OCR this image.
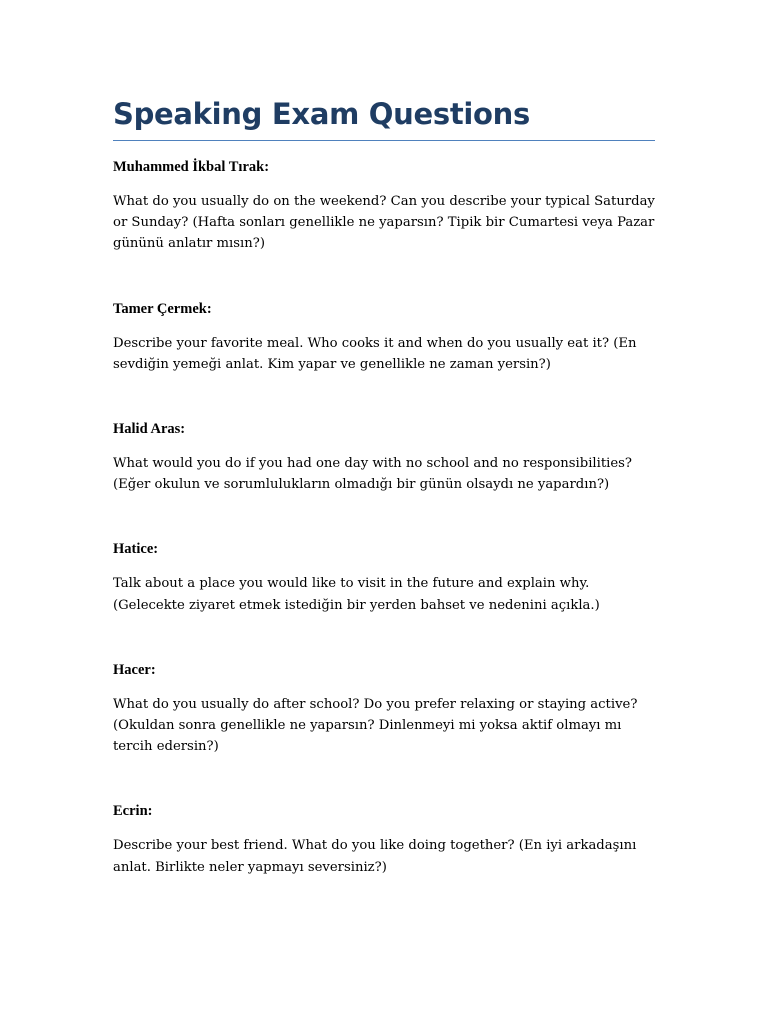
Speaking Exam Questions

Muhammed İkbal Tırak:

What do you usually do on the weekend? Can you describe your typical Saturday or Sunday? (Hafta sonları genellikle ne yaparsın? Tipik bir Cumartesi veya Pazar gününü anlatır mısın?)

Tamer Çermek:

Describe your favorite meal. Who cooks it and when do you usually eat it? (En sevdiğin yemeği anlat. Kim yapar ve genellikle ne zaman yersin?)

Halid Aras:

What would you do if you had one day with no school and no responsibilities? (Eğer okulun ve sorumlulukların olmadığı bir günün olsaydı ne yapardın?)

Hatice:

Talk about a place you would like to visit in the future and explain why. (Gelecekte ziyaret etmek istediğin bir yerden bahset ve nedenini açıkla.)

Hacer:

What do you usually do after school? Do you prefer relaxing or staying active? (Okuldan sonra genellikle ne yaparsın? Dinlenmeyi mi yoksa aktif olmayı mı tercih edersin?)

Ecrin:

Describe your best friend. What do you like doing together? (En iyi arkadaşını anlat. Birlikte neler yapmayı seversiniz?)
